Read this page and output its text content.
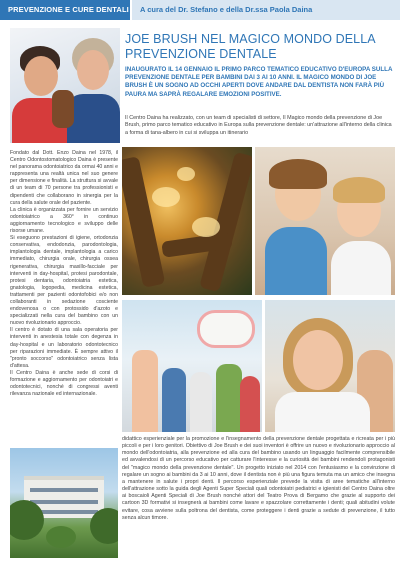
PREVENZIONE E CURE DENTALI A cura del Dr. Stefano e della Dr.ssa Paola Daina
JOE BRUSH NEL MAGICO MONDO DELLA PREVENZIONE DENTALE
INAUGURATO IL 14 GENNAIO IL PRIMO PARCO TEMATICO EDUCATIVO D'EUROPA SULLA PREVENZIONE DENTALE PER BAMBINI DAI 3 AI 10 ANNI. IL MAGICO MONDO DI JOE BRUSH È UN SOGNO AD OCCHI APERTI DOVE ANDARE DAL DENTISTA NON FARÀ PIÙ PAURA MA SAPRÀ REGALARE EMOZIONI POSITIVE.
Il Centro Daina ha realizzato, con un team di specialisti di settore, Il Magico mondo della prevenzione di Joe Brush, primo parco tematico educativo in Europa sulla prevenzione dentale: un'attrazione all'interno della clinica a forma di tana-albero in cui si sviluppa un itinerario

Fondato dal Dott. Enzo Daina nel 1978, il Centro Odontostomatologico Daina è presente nel panorama odontoiatrico da ormai 40 anni e rappresenta una realtà unica nel suo genere per dimensione e finalità. La struttura si avvale di un team di 70 persone tra professionisti e dipendenti che collaborano in sinergia per la cura della salute orale del paziente.

La clinica è organizzata per fornire un servizio odontoiatrico a 360° in continuo aggiornamento tecnologico e sviluppo delle risorse umane.

Si eseguono prestazioni di igiene, ortodonzia conservativa, endodonzia, parodontologia, implantologia dentale, implantologia a carico immediato, chirurgia orale, chirurgia ossea rigenerativa, chirurgia maxillo-facciale per interventi in day-hospital, protesi parodontale, protesi dentaria, odontoiatria estetica, gnatologia, logopedia, medicina estetica, trattamenti per pazienti odontofobici e/o non collaboranti in sedazione cosciente endovenosa o con protossido d'azoto e specializzati nella cura del bambino con un nuovo rivoluzionario approccio.

Il centro è dotato di una sala operatoria per interventi in anestesia totale con degenza in day-hospital e un laboratorio odontotecnico per riparazioni immediate. È sempre attivo il "pronto soccorso" odontoiatrico senza lista d'attesa.

Il Centro Daina è anche sede di corsi di formazione e aggiornamento per odontoiatri e odontotecnici, nonché di congressi aventi rilevanza nazionale ed internazionale.

didattico esperienziale per la promozione e l'insegnamento della prevenzione dentale progettata e ricreata per i più piccoli e per i loro genitori. Obiettivo di Joe Brush e dei suoi inventori è offrire un nuovo e rivoluzionario approccio al mondo dell'odontoiatria, alla prevenzione ed alla cura del bambino usando un linguaggio facilmente comprensibile ed avvalendosi di un percorso educativo per catturare l'interesse e la curiosità dei bambini rendendoli protagonisti del "magico mondo della prevenzione dentale". Un progetto iniziato nel 2014 con l'entusiasmo e la convinzione di regalare un sogno ai bambini da 3 ai 10 anni, dove il dentista non è più una figura temuta ma un amico che insegna a mantenere in salute i propri denti. Il percorso esperienziale prevede la visita di aree tematiche all'interno dell'attrazione sotto la guida degli Agenti Super Speciali quali odontoiatri pediatrici e igienisti del Centro Daina oltre ai boscaioli Agenti Speciali di Joe Brush nonché attori del Teatro Prova di Bergamo che grazie al supporto dei cartoon 3D formativi si insegnerà ai bambini come lavare e spazzolare correttamente i denti; quali abitudini volute evitare, cosa avviene sulla poltrona del dentista, come proteggere i denti grazie a sedute di prevenzione, il tutto senza alcun timore.
